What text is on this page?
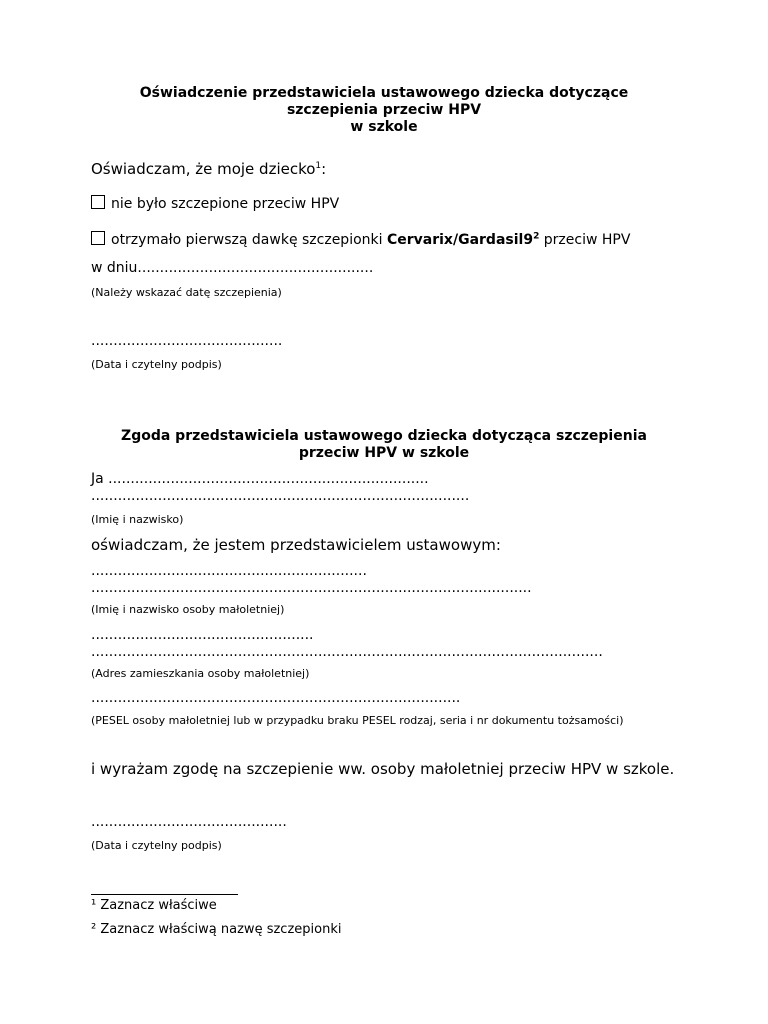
Oświadczenie przedstawiciela ustawowego dziecka dotyczące
szczepienia przeciw HPV
w szkole
Oświadczam, że moje dziecko$^1$:
nie było szczepione przeciw HPV
otrzymało pierwszą dawkę szczepionki Cervarix/$Gardasil9^2$ przeciw HPV
w dniu.....................................................
(Należy wskazać datę szczepienia)
...........................................
(Data i czytelny podpis)
Zgoda przedstawiciela ustawowego dziecka dotycząca szczepienia
przeciw HPV w szkole
Ja ........................................................................
.....................................................................................
(Imię i nazwisko)
oświadczam, że jestem przedstawicielem ustawowym:
..............................................................
...................................................................................................
(Imię i nazwisko osoby małoletniej)
..................................................
...................................................................................................................
(Adres zamieszkania osoby małoletniej)
...................................................................................
(PESEL osoby małoletniej lub w przypadku braku PESEL rodzaj, seria i nr dokumentu tożsamości)
i wyrażam zgodę na szczepienie ww. osoby małoletniej przeciw HPV w szkole.
............................................
(Data i czytelny podpis)
¹ Zaznacz właściwe
² Zaznacz właściwą nazwę szczepionki
